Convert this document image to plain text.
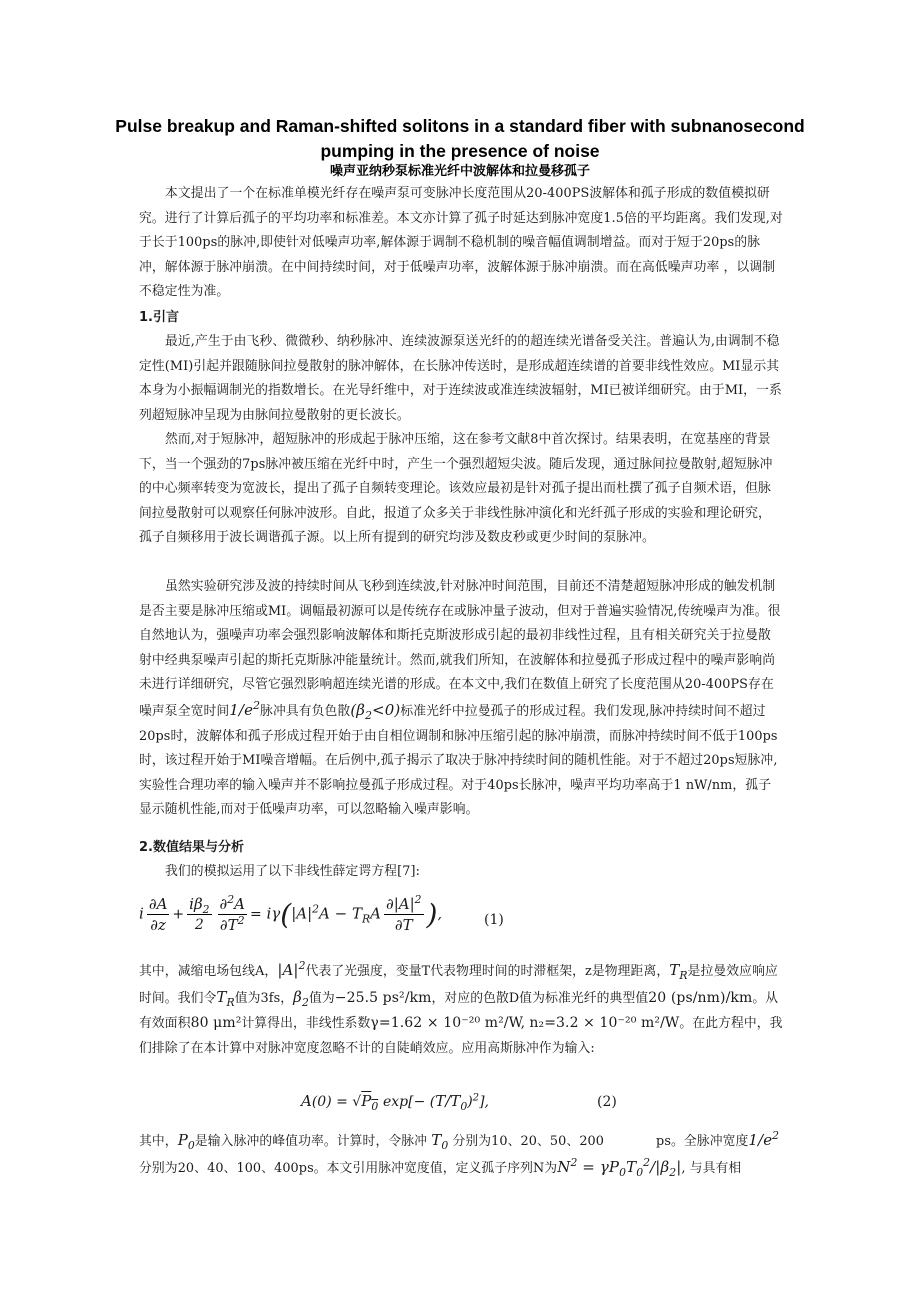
Pulse breakup and Raman-shifted solitons in a standard fiber with subnanosecond pumping in the presence of noise
噪声亚纳秒泵标准光纤中波解体和拉曼移孤子
本文提出了一个在标准单模光纤存在噪声泵可变脉冲长度范围从20-400PS波解体和孤子形成的数值模拟研究。进行了计算后孤子的平均功率和标准差。本文亦计算了孤子时延达到脉冲宽度1.5倍的平均距离。我们发现,对于长于100ps的脉冲,即使针对低噪声功率,解体源于调制不稳机制的噪音幅值调制增益。而对于短于20ps的脉冲，解体源于脉冲崩溃。在中间持续时间，对于低噪声功率，波解体源于脉冲崩溃。而在高低噪声功率 ，以调制不稳定性为准。
1.引言
最近,产生于由飞秒、微微秒、纳秒脉冲、连续波源泵送光纤的的超连续光谱备受关注。普遍认为,由调制不稳定性(MI)引起并跟随脉间拉曼散射的脉冲解体，在长脉冲传送时，是形成超连续谱的首要非线性效应。MI显示其本身为小振幅调制光的指数增长。在光导纤维中，对于连续波或准连续波辐射，MI已被详细研究。由于MI，一系列超短脉冲呈现为由脉间拉曼散射的更长波长。
然而,对于短脉冲，超短脉冲的形成起于脉冲压缩，这在参考文献8中首次探讨。结果表明，在宽基座的背景下，当一个强劲的7ps脉冲被压缩在光纤中时，产生一个强烈超短尖波。随后发现，通过脉间拉曼散射,超短脉冲的中心频率转变为宽波长，提出了孤子自频转变理论。该效应最初是针对孤子提出而杜撰了孤子自频术语，但脉间拉曼散射可以观察任何脉冲波形。自此，报道了众多关于非线性脉冲演化和光纤孤子形成的实验和理论研究，孤子自频移用于波长调谐孤子源。以上所有提到的研究均涉及数皮秒或更少时间的泵脉冲。
虽然实验研究涉及波的持续时间从飞秒到连续波,针对脉冲时间范围，目前还不清楚超短脉冲形成的触发机制是否主要是脉冲压缩或MI。调幅最初源可以是传统存在或脉冲量子波动，但对于普遍实验情况,传统噪声为准。很自然地认为，强噪声功率会强烈影响波解体和斯托克斯波形成引起的最初非线性过程，且有相关研究关于拉曼散射中经典泵噪声引起的斯托克斯脉冲能量统计。然而,就我们所知，在波解体和拉曼孤子形成过程中的噪声影响尚未进行详细研究，尽管它强烈影响超连续光谱的形成。在本文中,我们在数值上研究了长度范围从20-400PS存在噪声泵全宽时间$1/e^2$脉冲具有负色散$(\beta_2<0)$标准光纤中拉曼孤子的形成过程。我们发现,脉冲持续时间不超过20ps时，波解体和孤子形成过程开始于由自相位调制和脉冲压缩引起的脉冲崩溃，而脉冲持续时间不低于100ps时，该过程开始于MI噪音增幅。在后例中,孤子揭示了取决于脉冲持续时间的随机性能。对于不超过20ps短脉冲,实验性合理功率的输入噪声并不影响拉曼孤子形成过程。对于40ps长脉冲，噪声平均功率高于1 nW/nm，孤子显示随机性能,而对于低噪声功率，可以忽略输入噪声影响。
2.数值结果与分析
我们的模拟运用了以下非线性薛定谔方程[7]:
i $\frac{\partial A}{\partial z} + \frac{i\beta_2}{2} \frac{\partial^2A}{\partial T^2} = i\gamma(|A|^2A - T_RA \frac{\partial|A|^2}{\partial T}$ ),	(1)
其中，减缩电场包线A，$|A|^2$代表了光强度，变量T代表物理时间的时滞框架，z是物理距离，$T_R$是拉曼效应响应时间。我们令$T_R$值为3fs，$\beta_2$值为−25.5 ps²/km，对应的色散D值为标准光纤的典型值20 (ps/nm)/km。从有效面积80 μm²计算得出，非线性系数γ=1.62 × 10⁻²⁰ m²/W, n₂=3.2 × 10⁻²⁰ m²/W。在此方程中，我们排除了在本计算中对脉冲宽度忽略不计的自陡峭效应。应用高斯脉冲作为输入:
$A(0) = √P_0$ $\exp[- (T/T_0)^2]$,	(2)
其中，$P_0$是输入脉冲的峰值功率。计算时，令脉冲 $T_0$ 分别为10、20、50、200	ps。全脉冲宽度$1/e^2$分别为20、40、100、400ps。本文引用脉冲宽度值，定义孤子序列N为$N^2 = \gamma P_0T_0^2/|\beta_2|$, 与具有相
